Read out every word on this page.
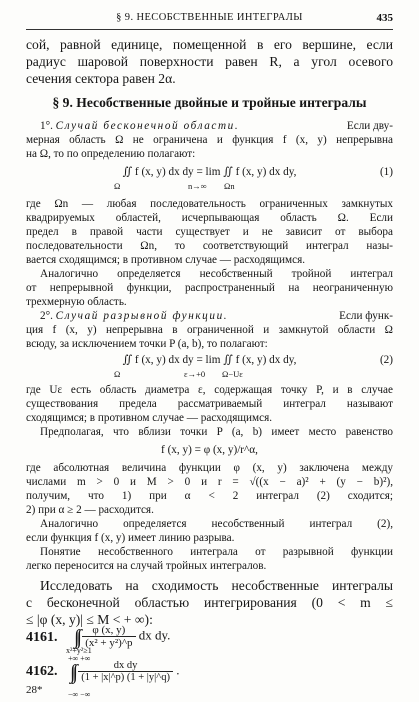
§ 9. НЕСОБСТВЕННЫЕ ИНТЕГРАЛЫ	435
сой, равной единице, помещенной в его вершине, если
радиус шаровой поверхности равен R, а угол осевого
сечения сектора равен 2α.
§ 9. Несобственные двойные и тройные интегралы
1°. Случай бесконечной области.	Если дву-
мерная область Ω не ограничена и функция f (x, y) непрерывна
на Ω, то по определению полагают:
∬ f (x, y) dx dy = lim ∬ f (x, y) dx dy,
Ω	n→∞ Ωn
(1)
где Ωn — любая последовательность ограниченных замкнутых
квадрируемых областей, исчерпывающая область Ω. Если
предел в правой части существует и не зависит от выбора
последовательности Ωn, то соответствующий интеграл назы-
вается сходящимся; в противном случае — расходящимся.
Аналогично определяется несобственный тройной интеграл
от непрерывной функции, распространенный на неограниченную
трехмерную область.
2°. Случай разрывной функции.	Если функ-
ция f (x, y) непрерывна в ограниченной и замкнутой области Ω
всюду, за исключением точки P (a, b), то полагают:
∬ f (x, y) dx dy = lim ∬ f (x, y) dx dy,
Ω	ε→+0 Ω−Uε
(2)
где Uε есть область диаметра ε, содержащая точку P, и в случае
существования предела рассматриваемый интеграл называют
сходящимся; в противном случае — расходящимся.
Предполагая, что вблизи точки P (a, b) имеет место равенство
f (x, y) = φ (x, y)/r^α,
где абсолютная величина функции φ (x, y) заключена между
числами m > 0 и M > 0 и r = √((x − a)² + (y − b)²),
получим, что 1) при α < 2 интеграл (2) сходится;
2) при α ≥ 2 — расходится.
Аналогично определяется несобственный интеграл (2),
если функция f (x, y) имеет линию разрыва.
Понятие несобственного интеграла от разрывной функции
легко переносится на случай тройных интегралов.
Исследовать на сходимость несобственные интегралы
с бесконечной областью интегрирования (0 < m ≤
≤ |φ (x, y)| ≤ M < + ∞):
4161. ∫∫ $\frac{\varphi (x, y)}{\text{(x² + y²)\textasciicircum{}p}}$ dx dy.
x²+y²≥1
+∞ +∞
4162. ∫∫ $\frac{\text{dx dy}}{(1 + |x|\^{}p) (1 + |y|\^{}q)}$ .
−∞ −∞
28*
